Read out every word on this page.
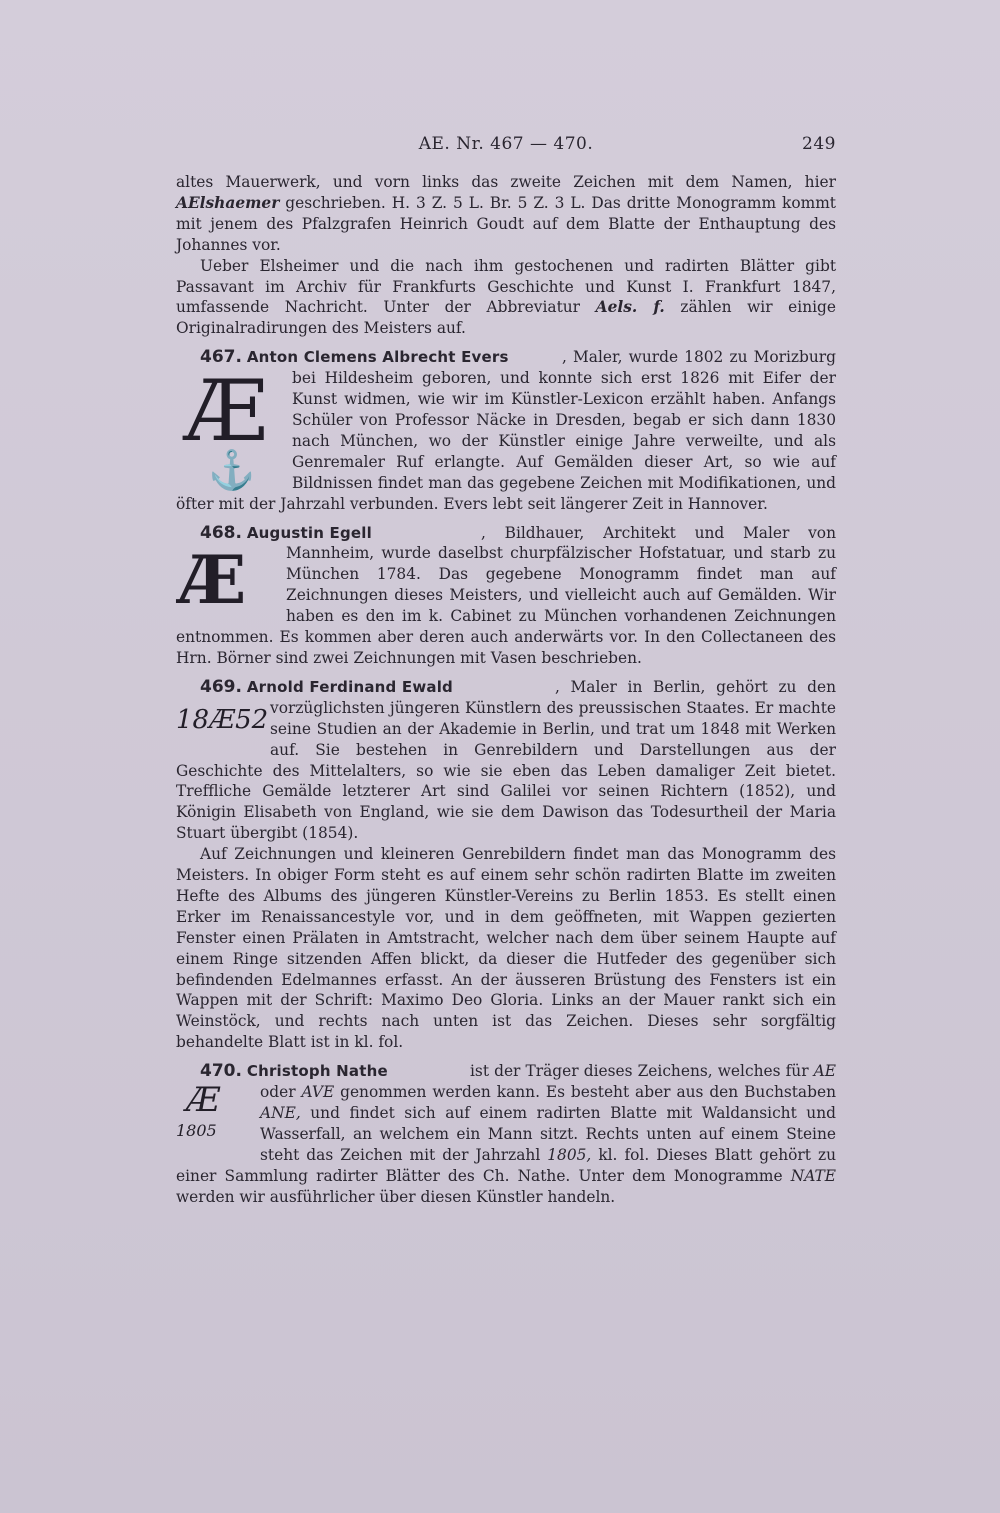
AE. Nr. 467 — 470.	249

altes Mauerwerk, und vorn links das zweite Zeichen mit dem Namen, hier AElshaemer geschrieben. H. 3 Z. 5 L. Br. 5 Z. 3 L. Das dritte Monogramm kommt mit jenem des Pfalzgrafen Heinrich Goudt auf dem Blatte der Enthauptung des Johannes vor.

Ueber Elsheimer und die nach ihm gestochenen und radirten Blätter gibt Passavant im Archiv für Frankfurts Geschichte und Kunst I. Frankfurt 1847, umfassende Nachricht. Unter der Abbreviatur Aels. f. zählen wir einige Originalradirungen des Meisters auf.

467. Anton Clemens Albrecht Evers

Æ
⚓

, Maler, wurde 1802 zu Morizburg bei Hildesheim geboren, und konnte sich erst 1826 mit Eifer der Kunst widmen, wie wir im Künstler-Lexicon erzählt haben. Anfangs Schüler von Professor Näcke in Dresden, begab er sich dann 1830 nach München, wo der Künstler einige Jahre verweilte, und als Genremaler Ruf erlangte. Auf Gemälden dieser Art, so wie auf Bildnissen findet man das gegebene Zeichen mit Modifikationen, und öfter mit der Jahrzahl verbunden. Evers lebt seit längerer Zeit in Hannover.

468. Augustin Egell

Æ

, Bildhauer, Architekt und Maler von Mannheim, wurde daselbst churpfälzischer Hofstatuar, und starb zu München 1784. Das gegebene Monogramm findet man auf Zeichnungen dieses Meisters, und vielleicht auch auf Gemälden. Wir haben es den im k. Cabinet zu München vorhandenen Zeichnungen entnommen. Es kommen aber deren auch anderwärts vor. In den Collectaneen des Hrn. Börner sind zwei Zeichnungen mit Vasen beschrieben.

469. Arnold Ferdinand Ewald

18Æ52

, Maler in Berlin, gehört zu den vorzüglichsten jüngeren Künstlern des preussischen Staates. Er machte seine Studien an der Akademie in Berlin, und trat um 1848 mit Werken auf. Sie bestehen in Genrebildern und Darstellungen aus der Geschichte des Mittelalters, so wie sie eben das Leben damaliger Zeit bietet. Treffliche Gemälde letzterer Art sind Galilei vor seinen Richtern (1852), und Königin Elisabeth von England, wie sie dem Dawison das Todesurtheil der Maria Stuart übergibt (1854).

Auf Zeichnungen und kleineren Genrebildern findet man das Monogramm des Meisters. In obiger Form steht es auf einem sehr schön radirten Blatte im zweiten Hefte des Albums des jüngeren Künstler-Vereins zu Berlin 1853. Es stellt einen Erker im Renaissancestyle vor, und in dem geöffneten, mit Wappen gezierten Fenster einen Prälaten in Amtstracht, welcher nach dem über seinem Haupte auf einem Ringe sitzenden Affen blickt, da dieser die Hutfeder des gegenüber sich befindenden Edelmannes erfasst. An der äusseren Brüstung des Fensters ist ein Wappen mit der Schrift: Maximo Deo Gloria. Links an der Mauer rankt sich ein Weinstöck, und rechts nach unten ist das Zeichen. Dieses sehr sorgfältig behandelte Blatt ist in kl. fol.

470. Christoph Nathe

Æ
1805

ist der Träger dieses Zeichens, welches für AE oder AVE genommen werden kann. Es besteht aber aus den Buchstaben ANE, und findet sich auf einem radirten Blatte mit Waldansicht und Wasserfall, an welchem ein Mann sitzt. Rechts unten auf einem Steine steht das Zeichen mit der Jahrzahl 1805, kl. fol. Dieses Blatt gehört zu einer Sammlung radirter Blätter des Ch. Nathe. Unter dem Monogramme NATE werden wir ausführlicher über diesen Künstler handeln.
